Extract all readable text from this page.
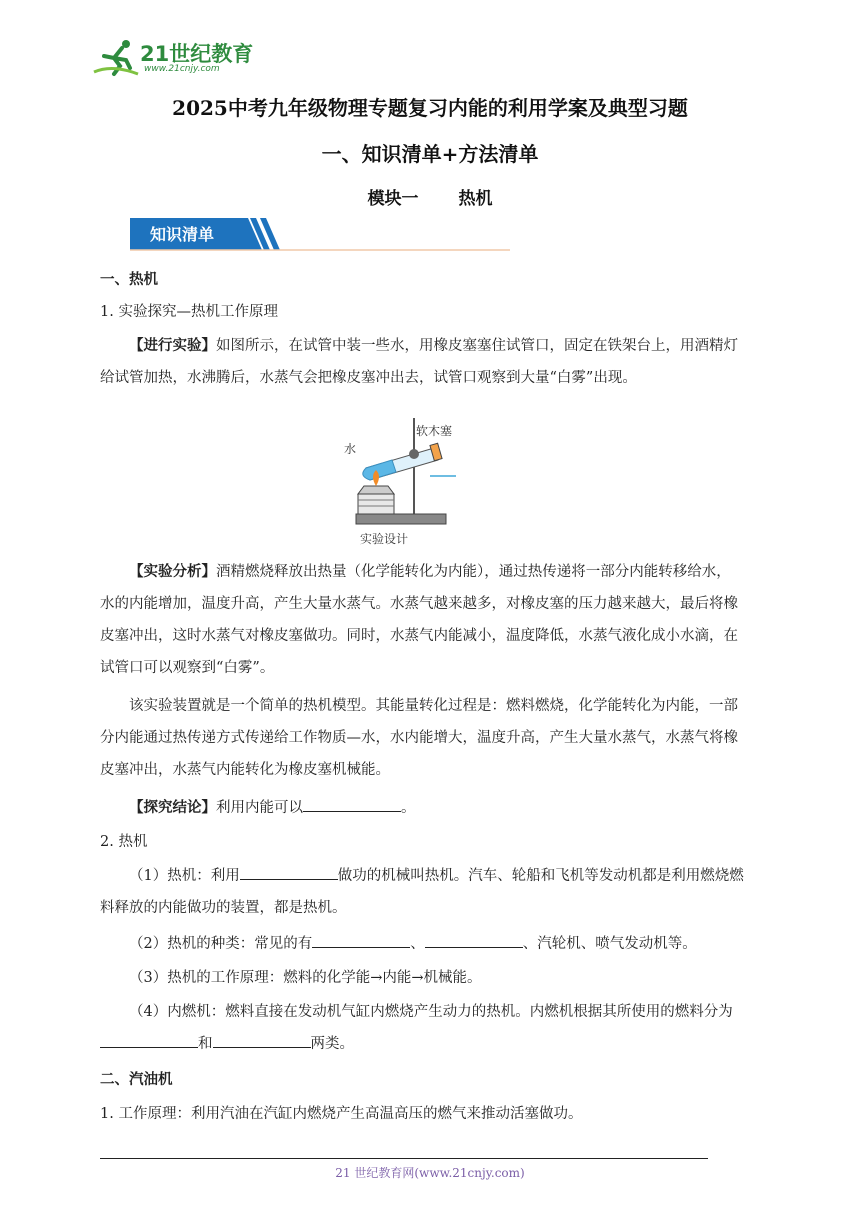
21世纪教育
www.21cnjy.com
2025中考九年级物理专题复习内能的利用学案及典型习题
一、知识清单+方法清单
模块一 热机
知识清单
一、热机
1. 实验探究—热机工作原理
【进行实验】如图所示，在试管中装一些水，用橡皮塞塞住试管口，固定在铁架台上，用酒精灯
给试管加热，水沸腾后，水蒸气会把橡皮塞冲出去，试管口观察到大量“白雾”出现。
水
软木塞
实验设计
【实验分析】酒精燃烧释放出热量（化学能转化为内能），通过热传递将一部分内能转移给水，
水的内能增加，温度升高，产生大量水蒸气。水蒸气越来越多，对橡皮塞的压力越来越大，最后将橡
皮塞冲出，这时水蒸气对橡皮塞做功。同时，水蒸气内能减小，温度降低，水蒸气液化成小水滴，在
试管口可以观察到“白雾”。
该实验装置就是一个简单的热机模型。其能量转化过程是：燃料燃烧，化学能转化为内能，一部
分内能通过热传递方式传递给工作物质—水，水内能增大，温度升高，产生大量水蒸气，水蒸气将橡
皮塞冲出，水蒸气内能转化为橡皮塞机械能。
【探究结论】利用内能可以	。
2. 热机
（1）热机：利用	做功的机械叫热机。汽车、轮船和飞机等发动机都是利用燃烧燃
料释放的内能做功的装置，都是热机。
（2）热机的种类：常见的有	、	、汽轮机、喷气发动机等。
（3）热机的工作原理：燃料的化学能→内能→机械能。
（4）内燃机：燃料直接在发动机气缸内燃烧产生动力的热机。内燃机根据其所使用的燃料分为
和	两类。
二、汽油机
1. 工作原理：利用汽油在汽缸内燃烧产生高温高压的燃气来推动活塞做功。
21 世纪教育网(www.21cnjy.com)
